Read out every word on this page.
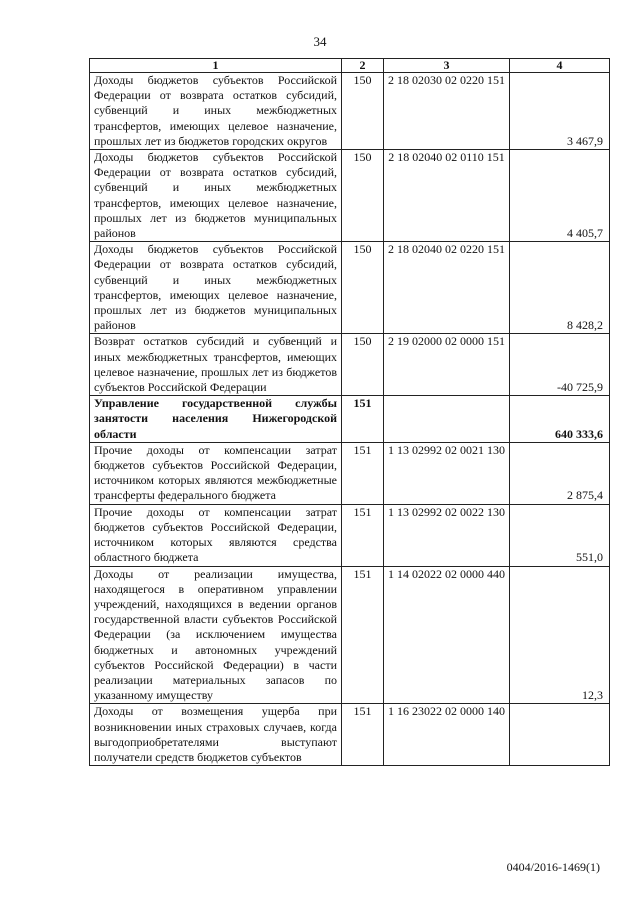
34
1	2	3	4
Доходы бюджетов субъектов Российской Федерации от возврата остатков субсидий, субвенций и иных межбюджетных трансфертов, имеющих целевое назначение, прошлых лет из бюджетов городских округов	150	2 18 02030 02 0220 151	3 467,9
Доходы бюджетов субъектов Российской Федерации от возврата остатков субсидий, субвенций и иных межбюджетных трансфертов, имеющих целевое назначение, прошлых лет из бюджетов муниципальных районов	150	2 18 02040 02 0110 151	4 405,7
Доходы бюджетов субъектов Российской Федерации от возврата остатков субсидий, субвенций и иных межбюджетных трансфертов, имеющих целевое назначение, прошлых лет из бюджетов муниципальных районов	150	2 18 02040 02 0220 151	8 428,2
Возврат остатков субсидий и субвенций и иных межбюджетных трансфертов, имеющих целевое назначение, прошлых лет из бюджетов субъектов Российской Федерации	150	2 19 02000 02 0000 151	-40 725,9
Управление государственной службы занятости населения Нижегородской области	151		640 333,6
Прочие доходы от компенсации затрат бюджетов субъектов Российской Федерации, источником которых являются межбюджетные трансферты федерального бюджета	151	1 13 02992 02 0021 130	2 875,4
Прочие доходы от компенсации затрат бюджетов субъектов Российской Федерации, источником которых являются средства областного бюджета	151	1 13 02992 02 0022 130	551,0
Доходы от реализации имущества, находящегося в оперативном управлении учреждений, находящихся в ведении органов государственной власти субъектов Российской Федерации (за исключением имущества бюджетных и автономных учреждений субъектов Российской Федерации) в части реализации материальных запасов по указанному имуществу	151	1 14 02022 02 0000 440	12,3
Доходы от возмещения ущерба при возникновении иных страховых случаев, когда выгодоприобретателями выступают получатели средств бюджетов субъектов	151	1 16 23022 02 0000 140	
0404/2016-1469(1)
